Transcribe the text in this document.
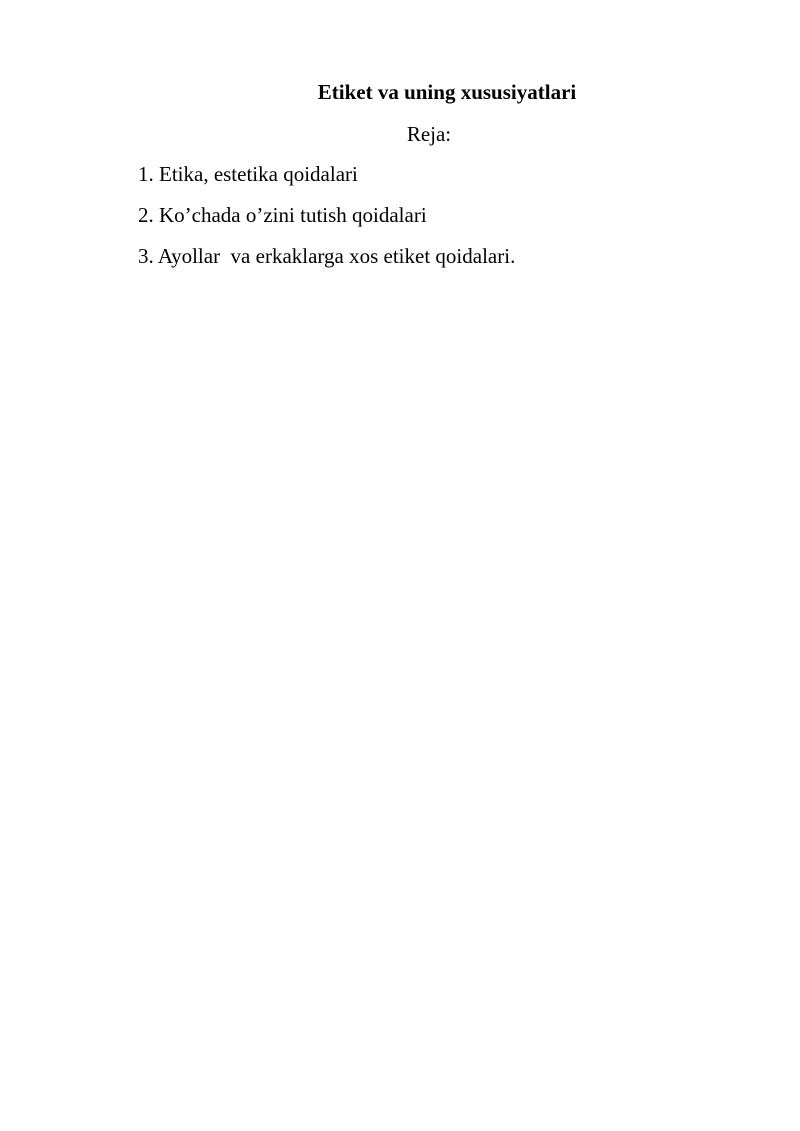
Etiket va uning xususiyatlari
Reja:
1. Etika, estetika qoidalari
2. Ko’chada o’zini tutish qoidalari
3. Ayollar  va erkaklarga xos etiket qoidalari.
